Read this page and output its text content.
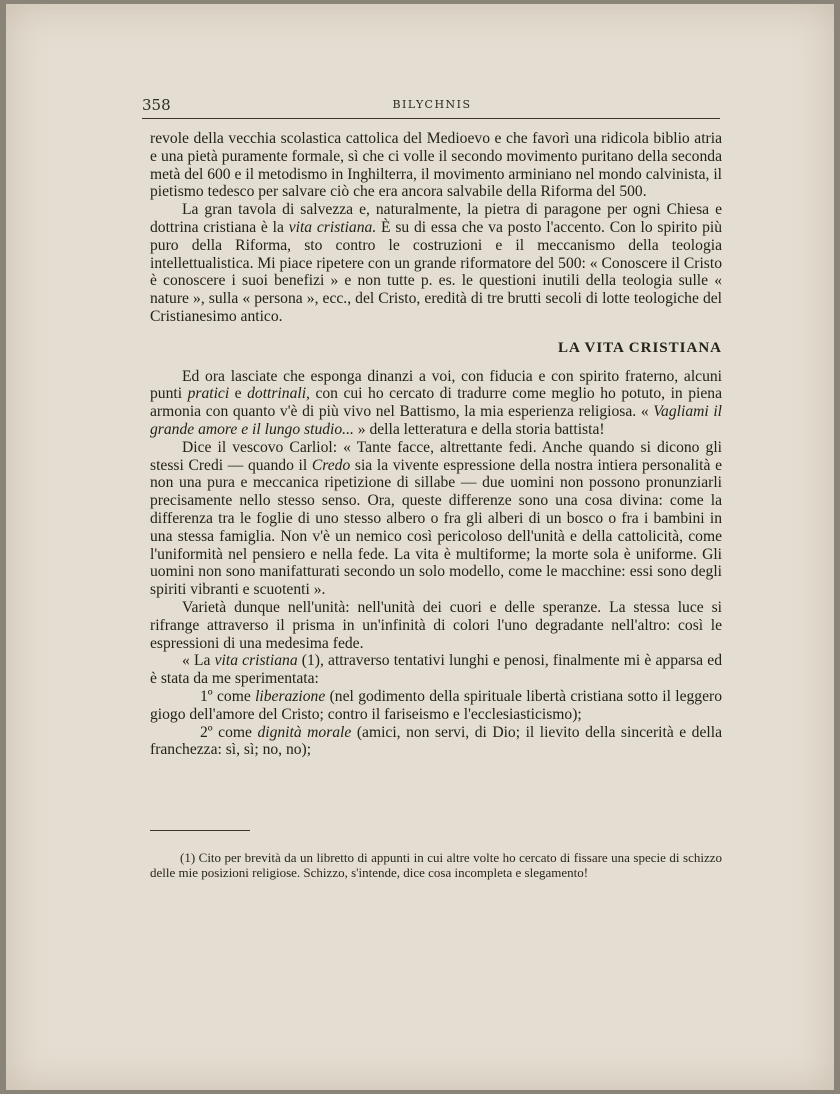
358	BILYCHNIS

revole della vecchia scolastica cattolica del Medioevo e che favorì una ridicola biblio atria e una pietà puramente formale, sì che ci volle il secondo movimento puritano della seconda metà del 600 e il metodismo in Inghilterra, il movimento arminiano nel mondo calvinista, il pietismo tedesco per salvare ciò che era ancora salvabile della Riforma del 500.

La gran tavola di salvezza e, naturalmente, la pietra di paragone per ogni Chiesa e dottrina cristiana è la vita cristiana. È su di essa che va posto l'accento. Con lo spirito più puro della Riforma, sto contro le costruzioni e il meccanismo della teologia intellettualistica. Mi piace ripetere con un grande riformatore del 500: « Conoscere il Cristo è conoscere i suoi benefizi » e non tutte p. es. le questioni inutili della teologia sulle « nature », sulla « persona », ecc., del Cristo, eredità di tre brutti secoli di lotte teologiche del Cristianesimo antico.

LA VITA CRISTIANA

Ed ora lasciate che esponga dinanzi a voi, con fiducia e con spirito fraterno, alcuni punti pratici e dottrinali, con cui ho cercato di tradurre come meglio ho potuto, in piena armonia con quanto v'è di più vivo nel Battismo, la mia esperienza religiosa. « Vagliami il grande amore e il lungo studio... » della letteratura e della storia battista!

Dice il vescovo Carliol: « Tante facce, altrettante fedi. Anche quando si dicono gli stessi Credi — quando il Credo sia la vivente espressione della nostra intiera personalità e non una pura e meccanica ripetizione di sillabe — due uomini non possono pronunziarli precisamente nello stesso senso. Ora, queste differenze sono una cosa divina: come la differenza tra le foglie di uno stesso albero o fra gli alberi di un bosco o fra i bambini in una stessa famiglia. Non v'è un nemico così pericoloso dell'unità e della cattolicità, come l'uniformità nel pensiero e nella fede. La vita è multiforme; la morte sola è uniforme. Gli uomini non sono manifatturati secondo un solo modello, come le macchine: essi sono degli spiriti vibranti e scuotenti ».

Varietà dunque nell'unità: nell'unità dei cuori e delle speranze. La stessa luce si rifrange attraverso il prisma in un'infinità di colori l'uno degradante nell'altro: così le espressioni di una medesima fede.

« La vita cristiana (1), attraverso tentativi lunghi e penosi, finalmente mi è apparsa ed è stata da me sperimentata:

1º come liberazione (nel godimento della spirituale libertà cristiana sotto il leggero giogo dell'amore del Cristo; contro il fariseismo e l'ecclesiasticismo);

2º come dignità morale (amici, non servi, di Dio; il lievito della sincerità e della franchezza: sì, sì; no, no);

(1) Cito per brevità da un libretto di appunti in cui altre volte ho cercato di fissare una specie di schizzo delle mie posizioni religiose. Schizzo, s'intende, dice cosa incompleta e slegamento!
